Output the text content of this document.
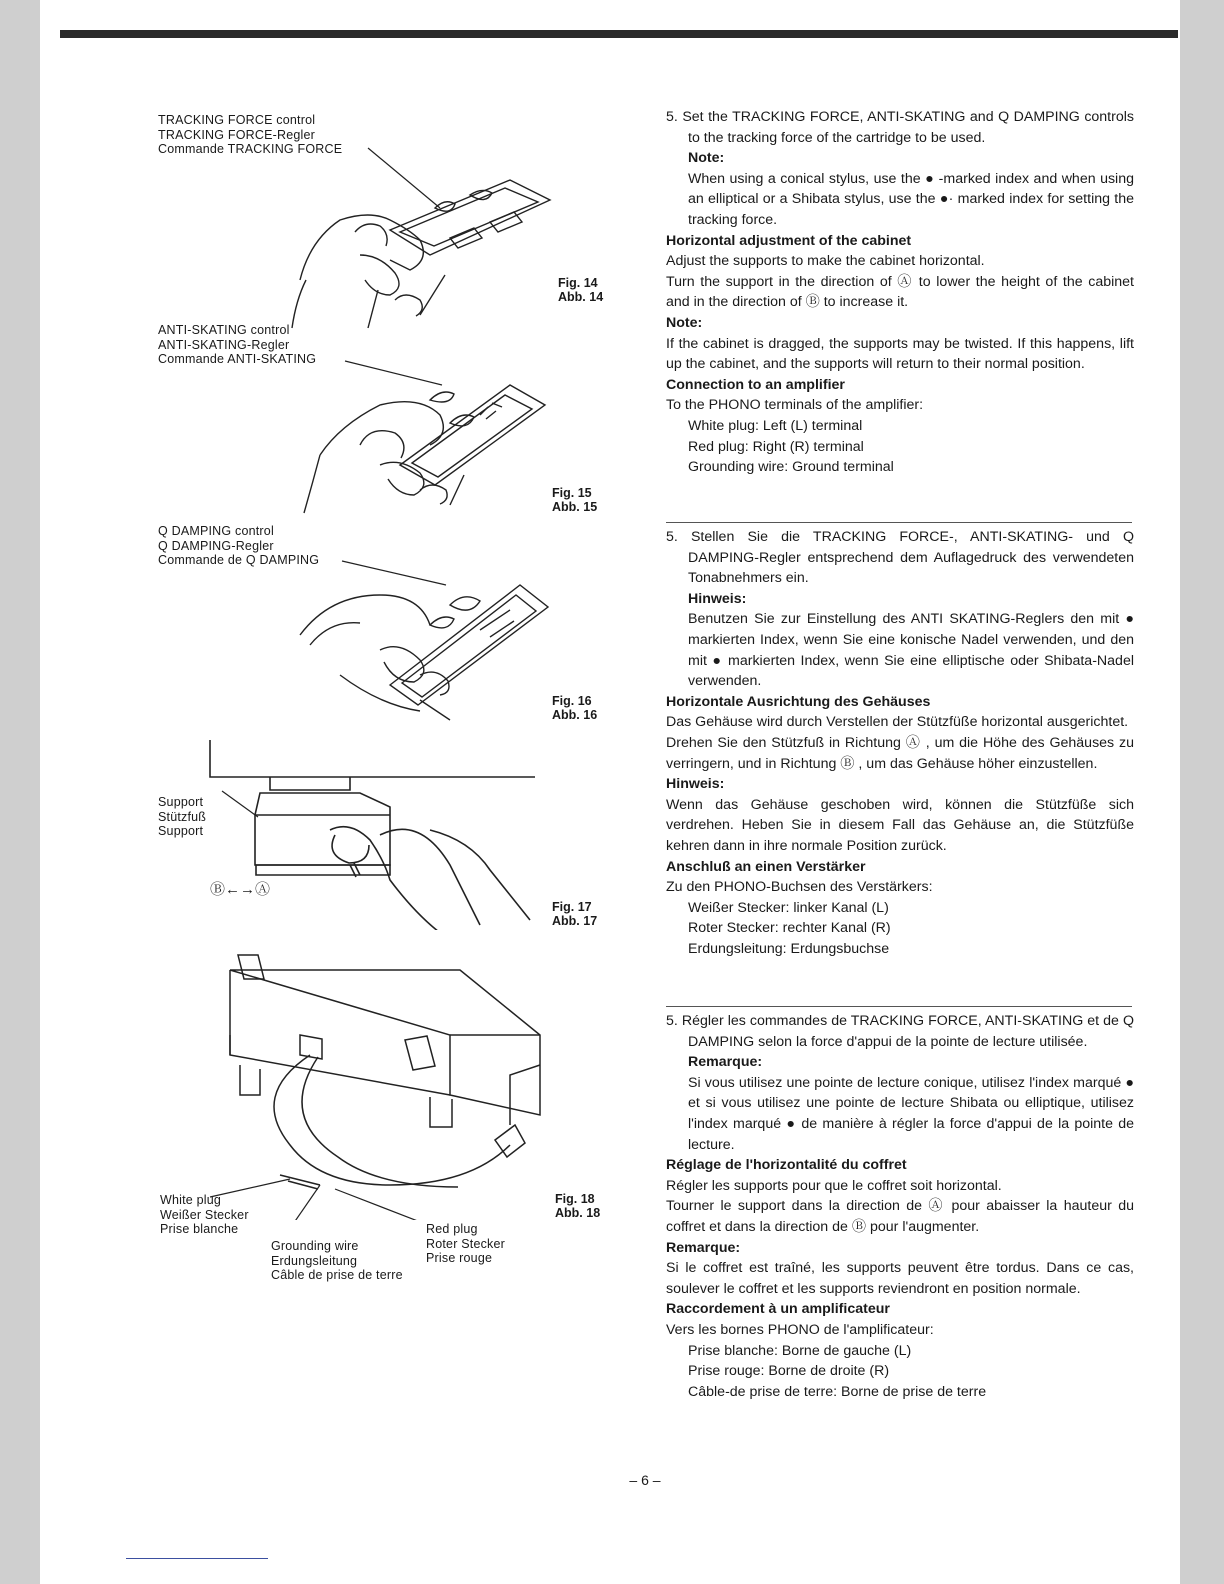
TRACKING FORCE control
TRACKING FORCE-Regler
Commande TRACKING FORCE
Fig. 14
Abb. 14
ANTI-SKATING control
ANTI-SKATING-Regler
Commande ANTI-SKATING
Fig. 15
Abb. 15
Q DAMPING control
Q DAMPING-Regler
Commande de Q DAMPING
Fig. 16
Abb. 16
Support
Stützfuß
Support
Ⓑ←→Ⓐ
Fig. 17
Abb. 17
White plug
Weißer Stecker
Prise blanche
Grounding wire
Erdungsleitung
Câble de prise de terre
Red plug
Roter Stecker
Prise rouge
Fig. 18
Abb. 18

5. Set the TRACKING FORCE, ANTI-SKATING and Q DAMPING controls to the tracking force of the cartridge to be used.

Note:

When using a conical stylus, use the ● -marked index and when using an elliptical or a Shibata stylus, use the ●· marked index for setting the tracking force.

Horizontal adjustment of the cabinet

Adjust the supports to make the cabinet horizontal.

Turn the support in the direction of Ⓐ to lower the height of the cabinet and in the direction of Ⓑ to increase it.

Note:

If the cabinet is dragged, the supports may be twisted. If this happens, lift up the cabinet, and the supports will return to their normal position.

Connection to an amplifier

To the PHONO terminals of the amplifier:

White plug: Left (L) terminal

Red plug: Right (R) terminal

Grounding wire: Ground terminal

5. Stellen Sie die TRACKING FORCE-, ANTI-SKATING- und Q DAMPING-Regler entsprechend dem Auflagedruck des verwendeten Tonabnehmers ein.

Hinweis:

Benutzen Sie zur Einstellung des ANTI SKATING-Reglers den mit ● markierten Index, wenn Sie eine konische Nadel verwenden, und den mit ● markierten Index, wenn Sie eine elliptische oder Shibata-Nadel verwenden.

Horizontale Ausrichtung des Gehäuses

Das Gehäuse wird durch Verstellen der Stützfüße horizontal ausgerichtet.

Drehen Sie den Stützfuß in Richtung Ⓐ , um die Höhe des Gehäuses zu verringern, und in Richtung Ⓑ , um das Gehäuse höher einzustellen.

Hinweis:

Wenn das Gehäuse geschoben wird, können die Stützfüße sich verdrehen. Heben Sie in diesem Fall das Gehäuse an, die Stützfüße kehren dann in ihre normale Position zurück.

Anschluß an einen Verstärker

Zu den PHONO-Buchsen des Verstärkers:

Weißer Stecker: linker Kanal (L)

Roter Stecker: rechter Kanal (R)

Erdungsleitung: Erdungsbuchse

5. Régler les commandes de TRACKING FORCE, ANTI-SKATING et de Q DAMPING selon la force d'appui de la pointe de lecture utilisée.

Remarque:

Si vous utilisez une pointe de lecture conique, utilisez l'index marqué ● et si vous utilisez une pointe de lecture Shibata ou elliptique, utilisez l'index marqué ● de manière à régler la force d'appui de la pointe de lecture.

Réglage de l'horizontalité du coffret

Régler les supports pour que le coffret soit horizontal.

Tourner le support dans la direction de Ⓐ pour abaisser la hauteur du coffret et dans la direction de Ⓑ pour l'augmenter.

Remarque:

Si le coffret est traîné, les supports peuvent être tordus. Dans ce cas, soulever le coffret et les supports reviendront en position normale.

Raccordement à un amplificateur

Vers les bornes PHONO de l'amplificateur:

Prise blanche: Borne de gauche (L)

Prise rouge: Borne de droite (R)

Câble-de prise de terre: Borne de prise de terre

– 6 –
